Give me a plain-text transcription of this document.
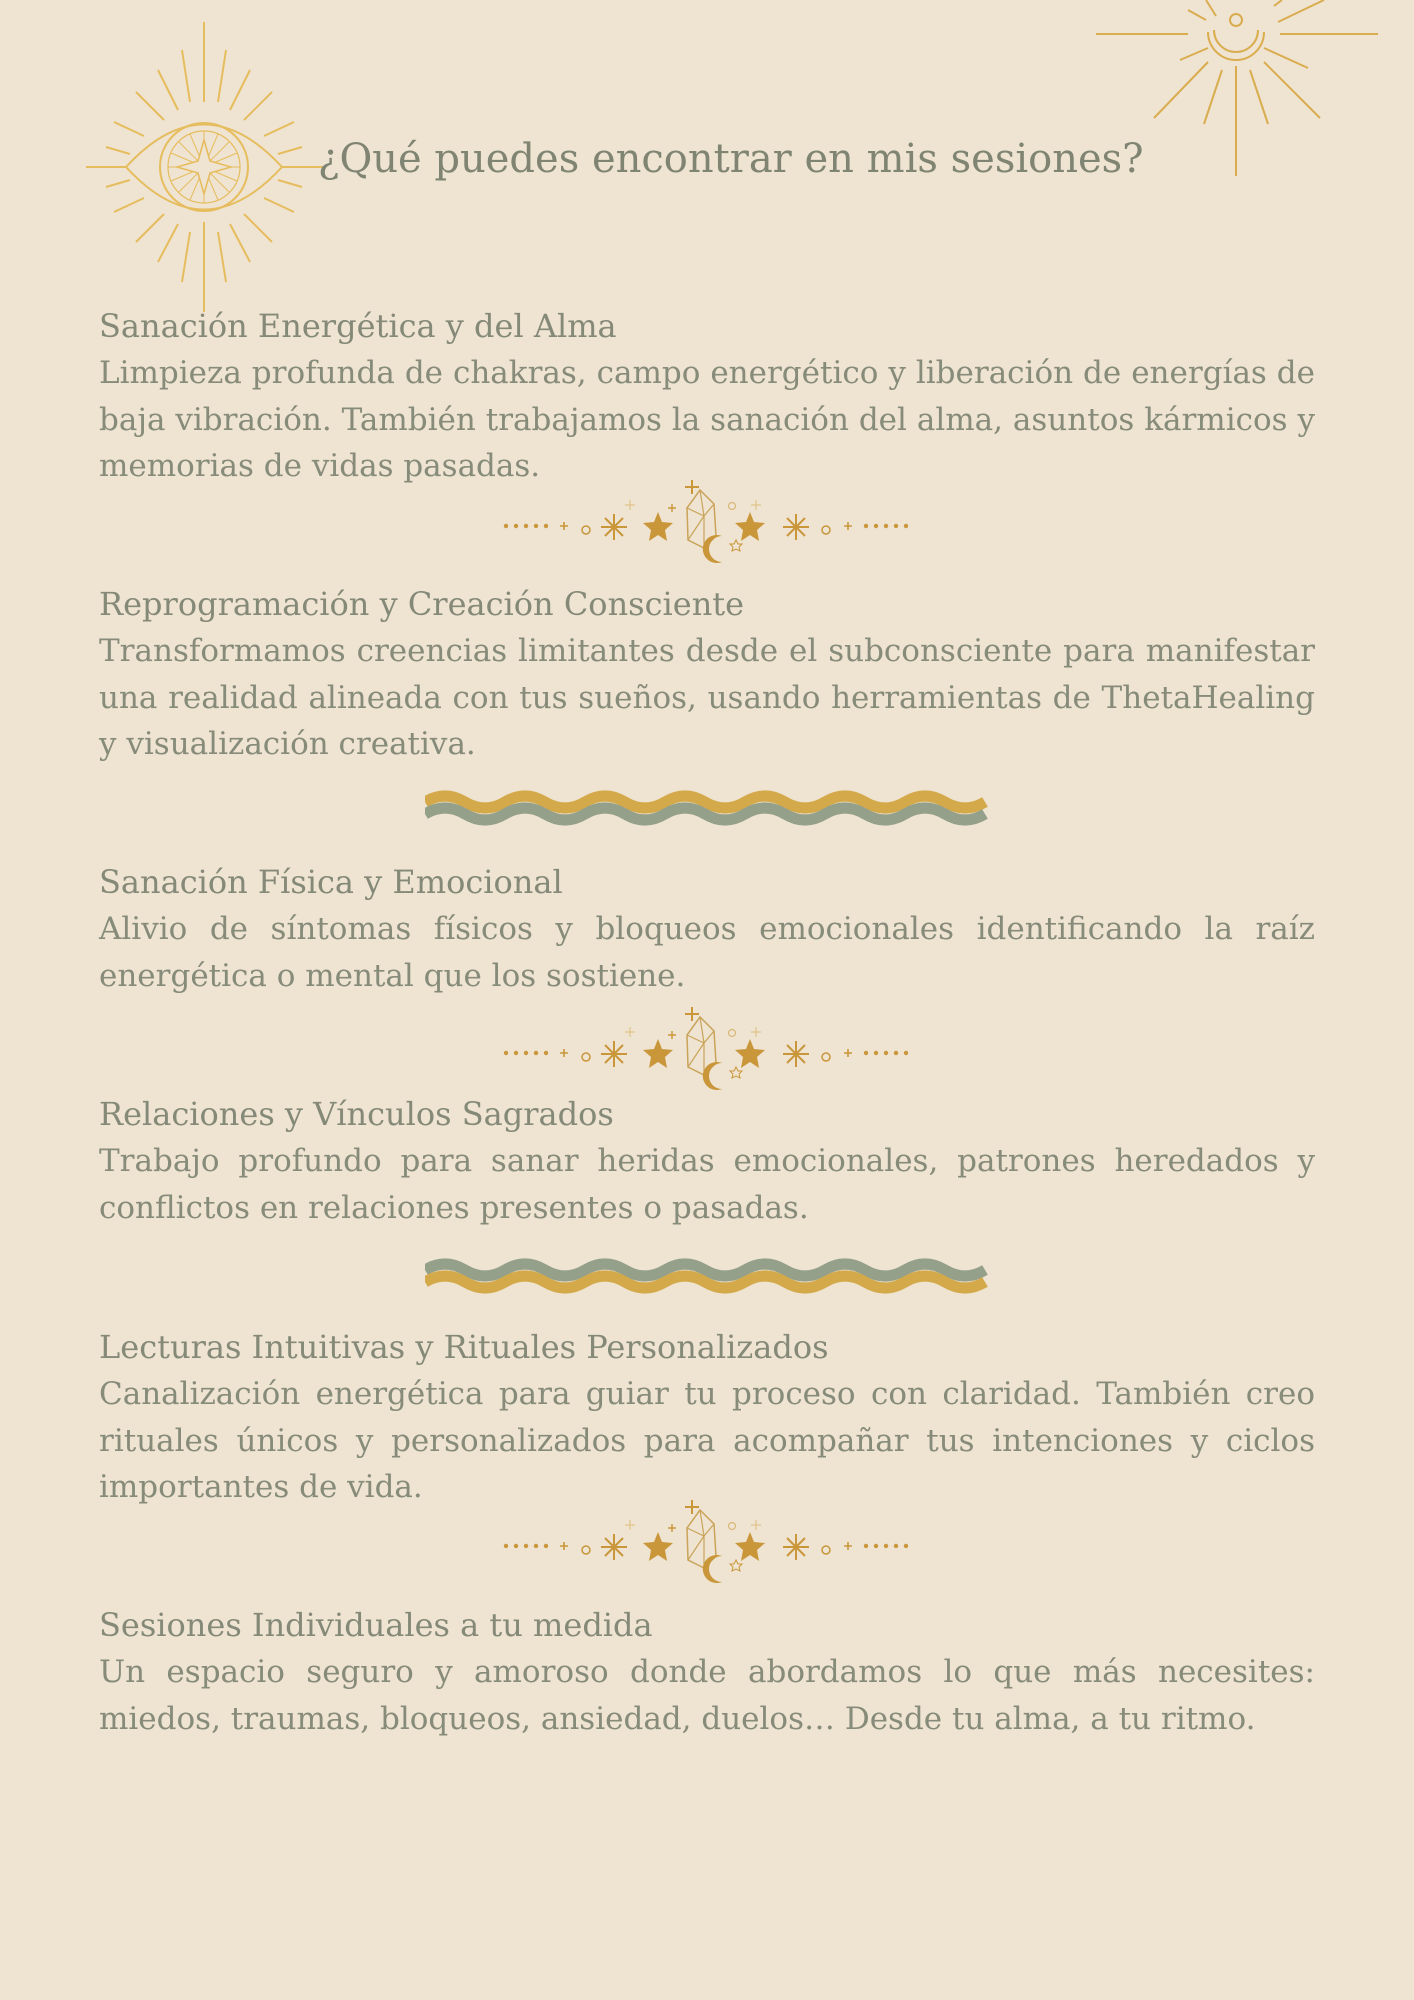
¿Qué puedes encontrar en mis sesiones?
Sanación Energética y del Alma

Limpieza profunda de chakras, campo energético y liberación de energías de baja vibración. También trabajamos la sanación del alma, asuntos kármicos y memorias de vidas pasadas.

Reprogramación y Creación Consciente

Transformamos creencias limitantes desde el subconsciente para manifestar una realidad alineada con tus sueños, usando herramientas de ThetaHealing y visualización creativa.

Sanación Física y Emocional

Alivio de síntomas físicos y bloqueos emocionales identificando la raíz energética o mental que los sostiene.

Relaciones y Vínculos Sagrados

Trabajo profundo para sanar heridas emocionales, patrones heredados y conflictos en relaciones presentes o pasadas.

Lecturas Intuitivas y Rituales Personalizados

Canalización energética para guiar tu proceso con claridad. También creo rituales únicos y personalizados para acompañar tus intenciones y ciclos importantes de vida.

Sesiones Individuales a tu medida

Un espacio seguro y amoroso donde abordamos lo que más necesites: miedos, traumas, bloqueos, ansiedad, duelos… Desde tu alma, a tu ritmo.
